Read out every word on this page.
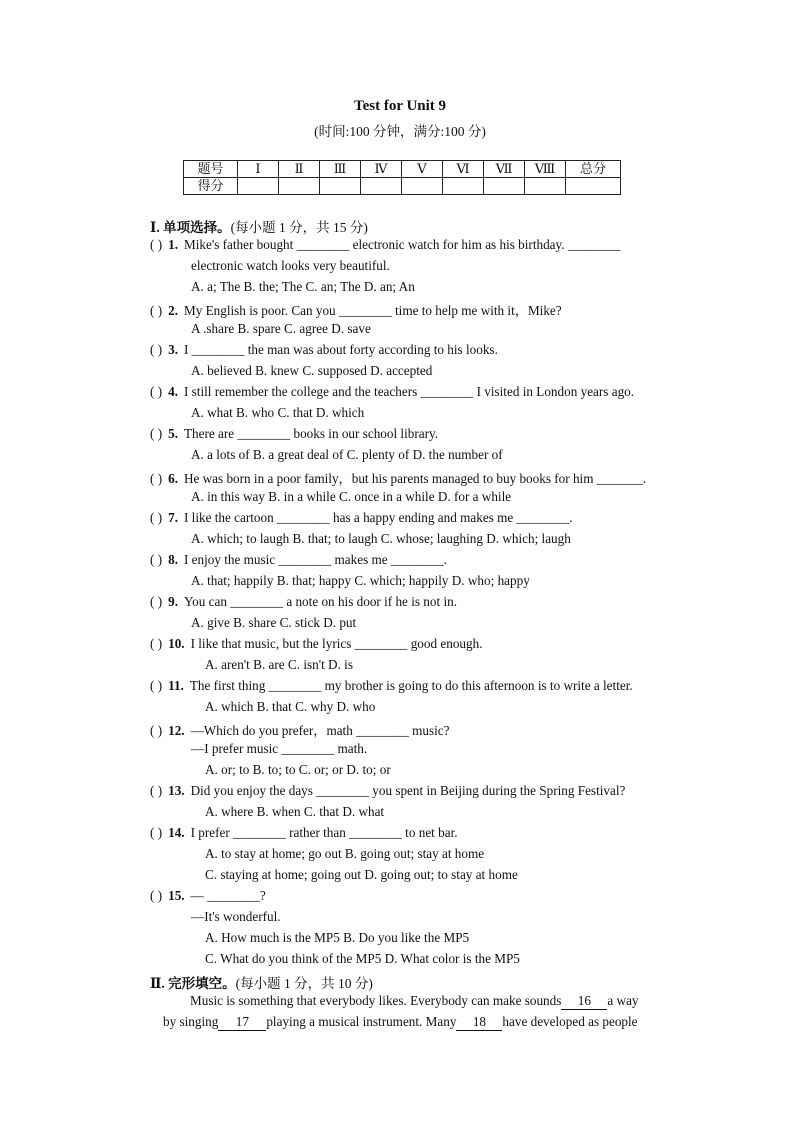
Test for Unit 9
(时间:100 分钟，满分:100 分)
题号	Ⅰ	Ⅱ	Ⅲ	Ⅳ	Ⅴ	Ⅵ	Ⅶ	Ⅷ	总分
得分									
Ⅰ. 单项选择。(每小题 1 分，共 15 分)
( ) 1. Mike's father bought ________ electronic watch for him as his birthday. ________
electronic watch looks very beautiful.
A. a; The B. the; The C. an; The D. an; An
( ) 2. My English is poor. Can you ________ time to help me with it，Mike?
A .share B. spare C. agree D. save
( ) 3. I ________ the man was about forty according to his looks.
A. believed B. knew C. supposed D. accepted
( ) 4. I still remember the college and the teachers ________ I visited in London years ago.
A. what B. who C. that D. which
( ) 5. There are ________ books in our school library.
A. a lots of B. a great deal of C. plenty of D. the number of
( ) 6. He was born in a poor family，but his parents managed to buy books for him _______.
A. in this way B. in a while C. once in a while D. for a while
( ) 7. I like the cartoon ________ has a happy ending and makes me ________.
A. which; to laugh B. that; to laugh C. whose; laughing D. which; laugh
( ) 8. I enjoy the music ________ makes me ________.
A. that; happily B. that; happy C. which; happily D. who; happy
( ) 9. You can ________ a note on his door if he is not in.
A. give B. share C. stick D. put
( ) 10. I like that music, but the lyrics ________ good enough.
A. aren't B. are C. isn't D. is
( ) 11. The first thing ________ my brother is going to do this afternoon is to write a letter.
A. which B. that C. why D. who
( ) 12. —Which do you prefer，math ________ music?
—I prefer music ________ math.
A. or; to B. to; to C. or; or D. to; or
( ) 13. Did you enjoy the days ________ you spent in Beijing during the Spring Festival?
A. where B. when C. that D. what
( ) 14. I prefer ________ rather than ________ to net bar.
A. to stay at home; go out B. going out; stay at home
C. staying at home; going out D. going out; to stay at home
( ) 15. — ________?
—It's wonderful.
A. How much is the MP5 B. Do you like the MP5
C. What do you think of the MP5 D. What color is the MP5
Ⅱ. 完形填空。(每小题 1 分，共 10 分)
Music is something that everybody likes. Everybody can make sounds 16 a way
by singing 17 playing a musical instrument. Many 18 have developed as people
